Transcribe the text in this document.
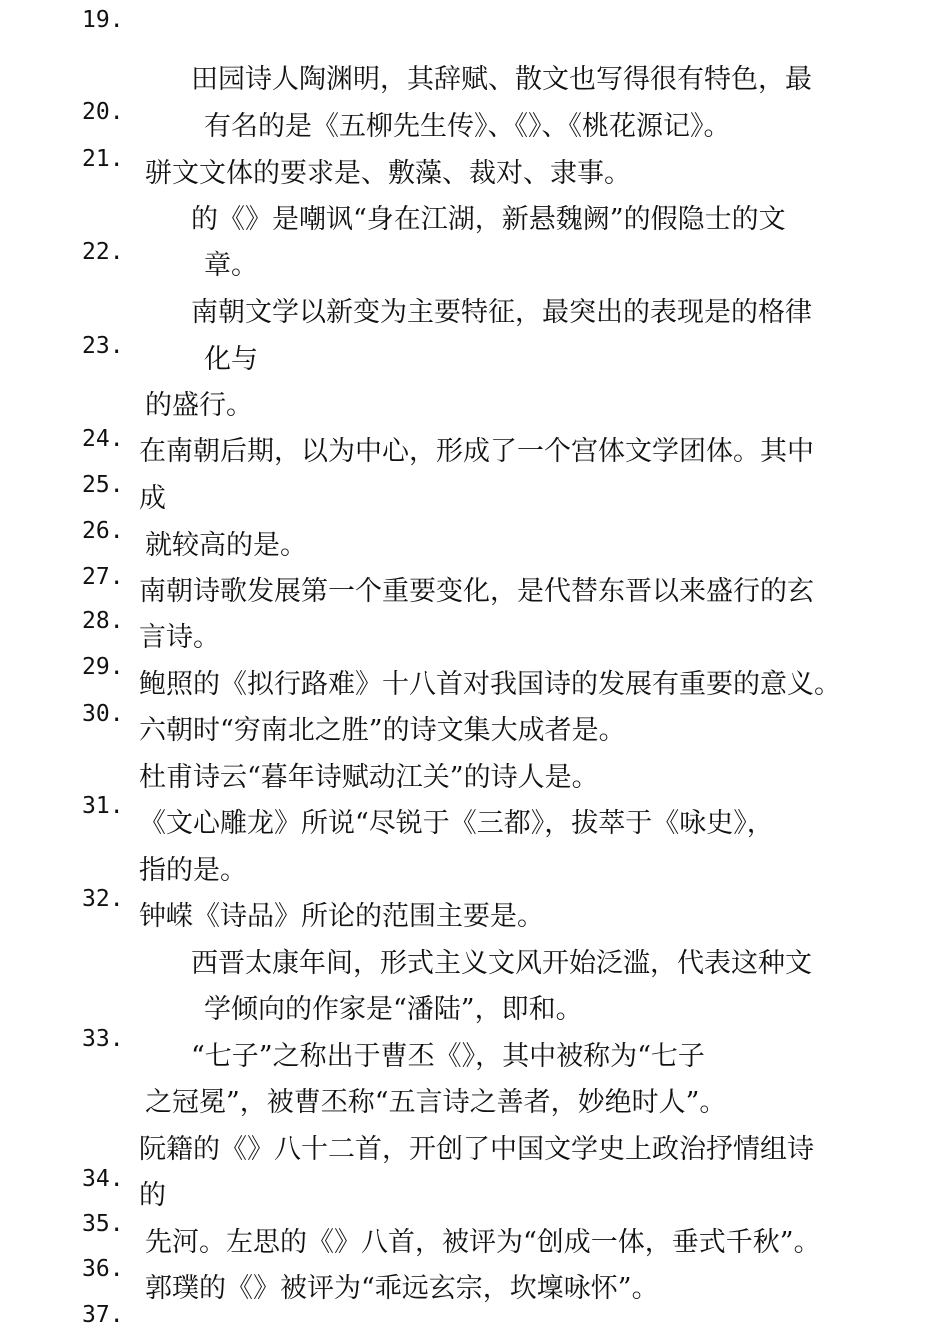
19.
20.
21.
22.
23.
24.
25.
26.
27.
28.
29.
30.
31.
32.
33.
34.
35.
36.
37.
田园诗人陶渊明，其辞赋、散文也写得很有特色，最
有名的是《五柳先生传》、《》、《桃花源记》。
骈文文体的要求是、敷藻、裁对、隶事。
的《》是嘲讽“身在江湖，新悬魏阙”的假隐士的文
章。
南朝文学以新变为主要特征，最突出的表现是的格律
化与
的盛行。
在南朝后期，以为中心，形成了一个宫体文学团体。其中
成
就较高的是。
南朝诗歌发展第一个重要变化，是代替东晋以来盛行的玄
言诗。
鲍照的《拟行路难》十八首对我国诗的发展有重要的意义。
六朝时“穷南北之胜”的诗文集大成者是。
杜甫诗云“暮年诗赋动江关”的诗人是。
《文心雕龙》所说“尽锐于《三都》，拔萃于《咏史》，
指的是。
钟嵘《诗品》所论的范围主要是。
西晋太康年间，形式主义文风开始泛滥，代表这种文
学倾向的作家是“潘陆”，即和。
“七子”之称出于曹丕《》，其中被称为“七子
之冠冕”，被曹丕称“五言诗之善者，妙绝时人”。
阮籍的《》八十二首，开创了中国文学史上政治抒情组诗
的
先河。左思的《》八首，被评为“创成一体，垂式千秋”。
郭璞的《》被评为“乖远玄宗，坎壈咏怀”。
